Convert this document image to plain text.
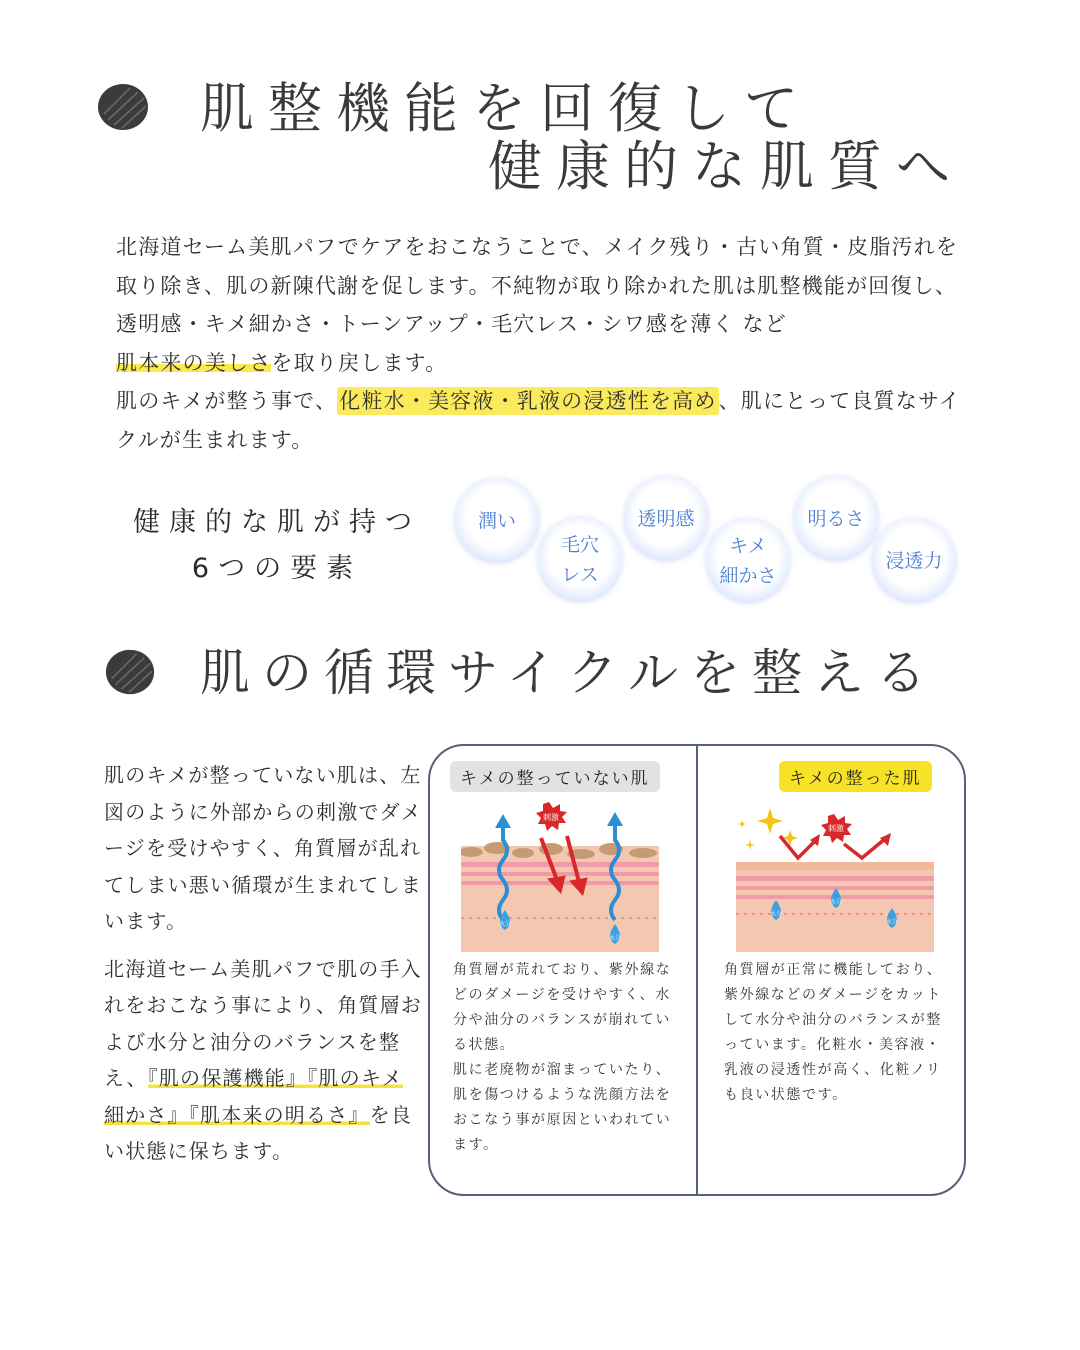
肌整機能を回復して
健康的な肌質へ

北海道セーム美肌パフでケアをおこなうことで、メイク残り・古い角質・皮脂汚れを取り除き、肌の新陳代謝を促します。不純物が取り除かれた肌は肌整機能が回復し、透明感・キメ細かさ・トーンアップ・毛穴レス・シワ感を薄く など
肌本来の美しさを取り戻します。

肌のキメが整う事で、化粧水・美容液・乳液の浸透性を高め、肌にとって良質なサイクルが生まれます。

健康的な肌が持つ
6つの要素
潤い
毛穴
レス
透明感
キメ
細かさ
明るさ
浸透力
肌の循環サイクルを整える

肌のキメが整っていない肌は、左図のように外部からの刺激でダメージを受けやすく、角質層が乱れてしまい悪い循環が生まれてしまいます。

北海道セーム美肌パフで肌の手入れをおこなう事により、角質層および水分と油分のバランスを整え、『肌の保護機能』『肌のキメ細かさ』『肌本来の明るさ』を良い状態に保ちます。

キメの整っていない肌
刺激
水分
水分

角質層が荒れており、紫外線などのダメージを受けやすく、水分や油分のバランスが崩れている状態。

肌に老廃物が溜まっていたり、肌を傷つけるような洗顔方法をおこなう事が原因といわれています。

キメの整った肌
刺激
水分
水分
水分

角質層が正常に機能しており、紫外線などのダメージをカットして水分や油分のバランスが整っています。化粧水・美容液・乳液の浸透性が高く、化粧ノリも良い状態です。
